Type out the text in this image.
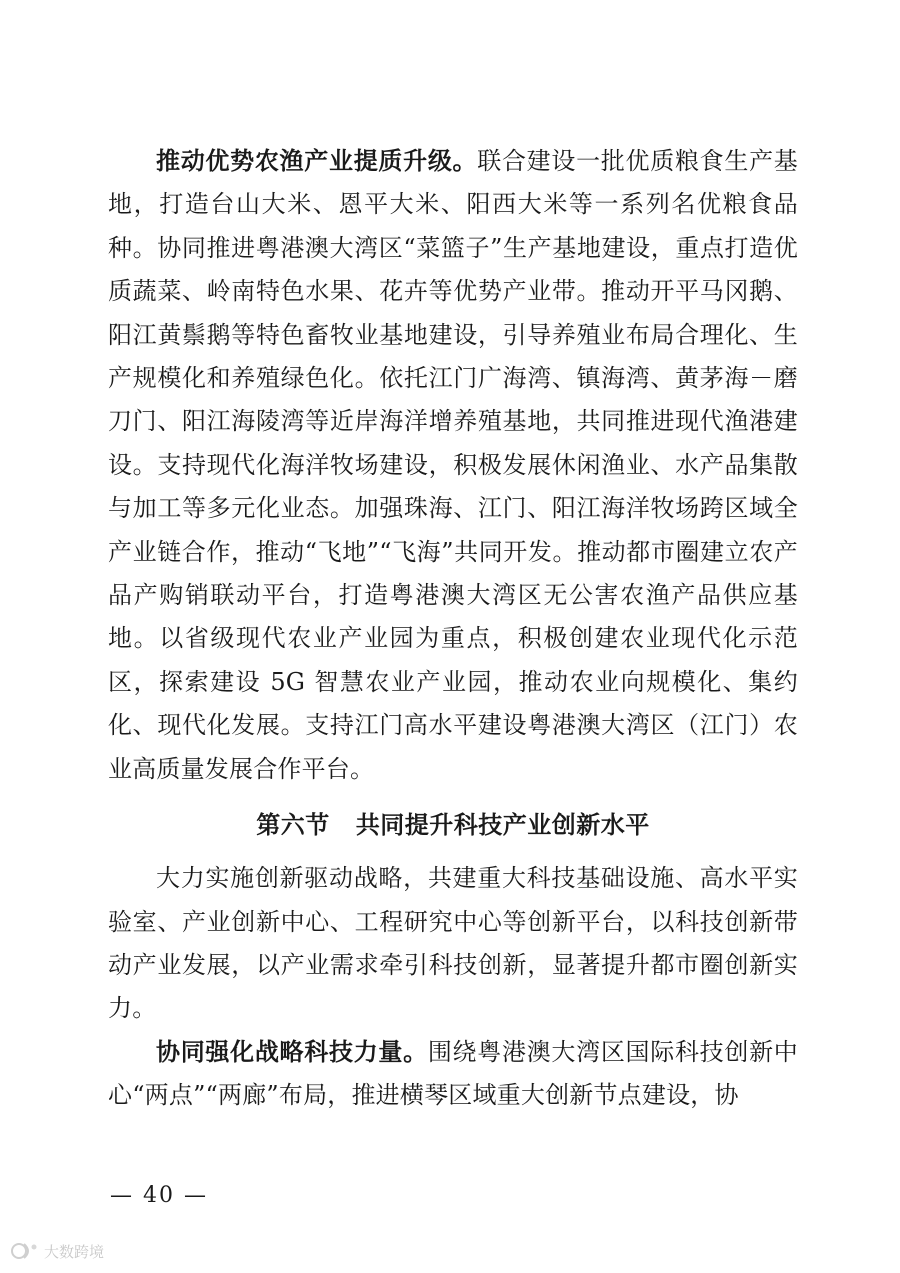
推动优势农渔产业提质升级。联合建设一批优质粮食生产基地，打造台山大米、恩平大米、阳西大米等一系列名优粮食品种。协同推进粤港澳大湾区“菜篮子”生产基地建设，重点打造优质蔬菜、岭南特色水果、花卉等优势产业带。推动开平马冈鹅、阳江黄鬃鹅等特色畜牧业基地建设，引导养殖业布局合理化、生产规模化和养殖绿色化。依托江门广海湾、镇海湾、黄茅海－磨刀门、阳江海陵湾等近岸海洋增养殖基地，共同推进现代渔港建设。支持现代化海洋牧场建设，积极发展休闲渔业、水产品集散与加工等多元化业态。加强珠海、江门、阳江海洋牧场跨区域全产业链合作，推动“飞地”“飞海”共同开发。推动都市圈建立农产品产购销联动平台，打造粤港澳大湾区无公害农渔产品供应基地。以省级现代农业产业园为重点，积极创建农业现代化示范区，探索建设 5G 智慧农业产业园，推动农业向规模化、集约化、现代化发展。支持江门高水平建设粤港澳大湾区（江门）农业高质量发展合作平台。

第六节 共同提升科技产业创新水平

大力实施创新驱动战略，共建重大科技基础设施、高水平实验室、产业创新中心、工程研究中心等创新平台，以科技创新带动产业发展，以产业需求牵引科技创新，显著提升都市圈创新实力。

协同强化战略科技力量。围绕粤港澳大湾区国际科技创新中心“两点”“两廊”布局，推进横琴区域重大创新节点建设，协

— 40 —
大数跨境
